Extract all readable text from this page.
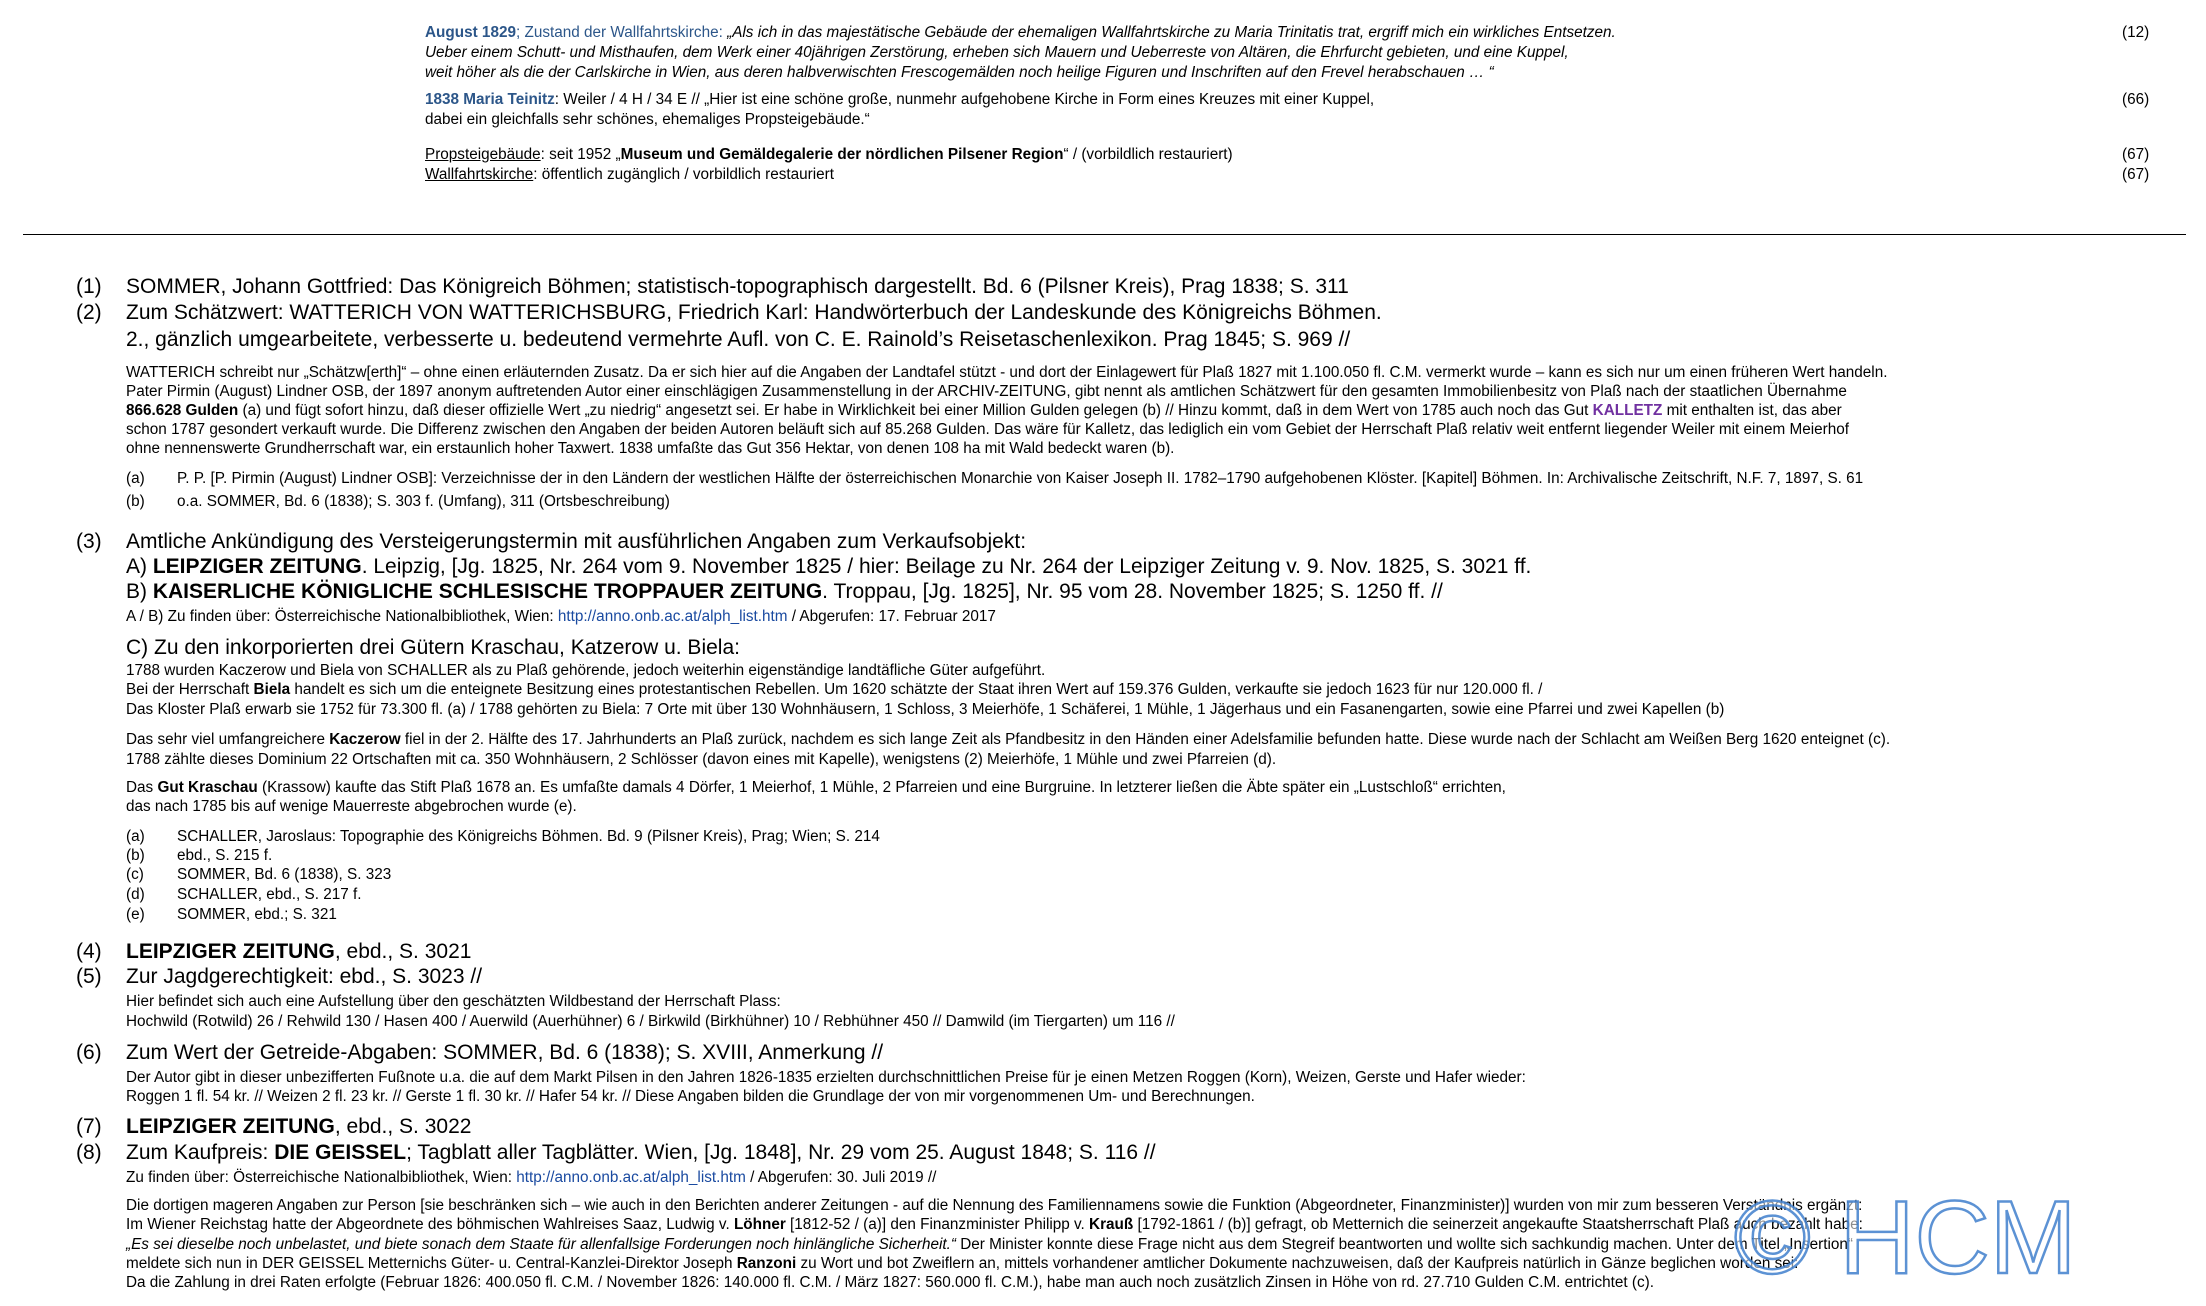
August 1829; Zustand der Wallfahrtskirche: „Als ich in das majestätische Gebäude der ehemaligen Wallfahrtskirche zu Maria Trinitatis trat, ergriff mich ein wirkliches Entsetzen.	(12)
Ueber einem Schutt- und Misthaufen, dem Werk einer 40jährigen Zerstörung, erheben sich Mauern und Ueberreste von Altären, die Ehrfurcht gebieten, und eine Kuppel,
weit höher als die der Carlskirche in Wien, aus deren halbverwischten Frescogemälden noch heilige Figuren und Inschriften auf den Frevel herabschauen … “
1838 Maria Teinitz: Weiler / 4 H / 34 E // „Hier ist eine schöne große, nunmehr aufgehobene Kirche in Form eines Kreuzes mit einer Kuppel,	(66)
dabei ein gleichfalls sehr schönes, ehemaliges Propsteigebäude.“
Propsteigebäude: seit 1952 „Museum und Gemäldegalerie der nördlichen Pilsener Region“ / (vorbildlich restauriert)	(67)
Wallfahrtskirche: öffentlich zugänglich / vorbildlich restauriert	(67)
(1) SOMMER, Johann Gottfried: Das Königreich Böhmen; statistisch-topographisch dargestellt. Bd. 6 (Pilsner Kreis), Prag 1838; S. 311
(2) Zum Schätzwert: WATTERICH VON WATTERICHSBURG, Friedrich Karl: Handwörterbuch der Landeskunde des Königreichs Böhmen.
2., gänzlich umgearbeitete, verbesserte u. bedeutend vermehrte Aufl. von C. E. Rainold’s Reisetaschenlexikon. Prag 1845; S. 969 //
WATTERICH schreibt nur „Schätzw[erth]“ – ohne einen erläuternden Zusatz. Da er sich hier auf die Angaben der Landtafel stützt - und dort der Einlagewert für Plaß 1827 mit 1.100.050 fl. C.M. vermerkt wurde – kann es sich nur um einen früheren Wert handeln.
Pater Pirmin (August) Lindner OSB, der 1897 anonym auftretenden Autor einer einschlägigen Zusammenstellung in der ARCHIV-ZEITUNG, gibt nennt als amtlichen Schätzwert für den gesamten Immobilienbesitz von Plaß nach der staatlichen Übernahme
866.628 Gulden (a) und fügt sofort hinzu, daß dieser offizielle Wert „zu niedrig“ angesetzt sei. Er habe in Wirklichkeit bei einer Million Gulden gelegen (b) // Hinzu kommt, daß in dem Wert von 1785 auch noch das Gut KALLETZ mit enthalten ist, das aber
schon 1787 gesondert verkauft wurde. Die Differenz zwischen den Angaben der beiden Autoren beläuft sich auf 85.268 Gulden. Das wäre für Kalletz, das lediglich ein vom Gebiet der Herrschaft Plaß relativ weit entfernt liegender Weiler mit einem Meierhof
ohne nennenswerte Grundherrschaft war, ein erstaunlich hoher Taxwert. 1838 umfaßte das Gut 356 Hektar, von denen 108 ha mit Wald bedeckt waren (b).
(a) P. P. [P. Pirmin (August) Lindner OSB]: Verzeichnisse der in den Ländern der westlichen Hälfte der österreichischen Monarchie von Kaiser Joseph II. 1782–1790 aufgehobenen Klöster. [Kapitel] Böhmen. In: Archivalische Zeitschrift, N.F. 7, 1897, S. 61
(b) o.a. SOMMER, Bd. 6 (1838); S. 303 f. (Umfang), 311 (Ortsbeschreibung)
(3) Amtliche Ankündigung des Versteigerungstermin mit ausführlichen Angaben zum Verkaufsobjekt:
A) LEIPZIGER ZEITUNG. Leipzig, [Jg. 1825, Nr. 264 vom 9. November 1825 / hier: Beilage zu Nr. 264 der Leipziger Zeitung v. 9. Nov. 1825, S. 3021 ff.
B) KAISERLICHE KÖNIGLICHE SCHLESISCHE TROPPAUER ZEITUNG. Troppau, [Jg. 1825], Nr. 95 vom 28. November 1825; S. 1250 ff. //
A / B) Zu finden über: Österreichische Nationalbibliothek, Wien: http://anno.onb.ac.at/alph_list.htm / Abgerufen: 17. Februar 2017
C) Zu den inkorporierten drei Gütern Kraschau, Katzerow u. Biela:
1788 wurden Kaczerow und Biela von SCHALLER als zu Plaß gehörende, jedoch weiterhin eigenständige landtäfliche Güter aufgeführt.
Bei der Herrschaft Biela handelt es sich um die enteignete Besitzung eines protestantischen Rebellen. Um 1620 schätzte der Staat ihren Wert auf 159.376 Gulden, verkaufte sie jedoch 1623 für nur 120.000 fl. /
Das Kloster Plaß erwarb sie 1752 für 73.300 fl. (a) / 1788 gehörten zu Biela: 7 Orte mit über 130 Wohnhäusern, 1 Schloss, 3 Meierhöfe, 1 Schäferei, 1 Mühle, 1 Jägerhaus und ein Fasanengarten, sowie eine Pfarrei und zwei Kapellen (b)
Das sehr viel umfangreichere Kaczerow fiel in der 2. Hälfte des 17. Jahrhunderts an Plaß zurück, nachdem es sich lange Zeit als Pfandbesitz in den Händen einer Adelsfamilie befunden hatte. Diese wurde nach der Schlacht am Weißen Berg 1620 enteignet (c).
1788 zählte dieses Dominium 22 Ortschaften mit ca. 350 Wohnhäusern, 2 Schlösser (davon eines mit Kapelle), wenigstens (2) Meierhöfe, 1 Mühle und zwei Pfarreien (d).
Das Gut Kraschau (Krassow) kaufte das Stift Plaß 1678 an. Es umfaßte damals 4 Dörfer, 1 Meierhof, 1 Mühle, 2 Pfarreien und eine Burgruine. In letzterer ließen die Äbte später ein „Lustschloß“ errichten,
das nach 1785 bis auf wenige Mauerreste abgebrochen wurde (e).
(a) SCHALLER, Jaroslaus: Topographie des Königreichs Böhmen. Bd. 9 (Pilsner Kreis), Prag; Wien; S. 214
(b) ebd., S. 215 f.
(c) SOMMER, Bd. 6 (1838), S. 323
(d) SCHALLER, ebd., S. 217 f.
(e) SOMMER, ebd.; S. 321
(4) LEIPZIGER ZEITUNG, ebd., S. 3021
(5) Zur Jagdgerechtigkeit: ebd., S. 3023 //
Hier befindet sich auch eine Aufstellung über den geschätzten Wildbestand der Herrschaft Plass:
Hochwild (Rotwild) 26 / Rehwild 130 / Hasen 400 / Auerwild (Auerhühner) 6 / Birkwild (Birkhühner) 10 / Rebhühner 450 // Damwild (im Tiergarten) um 116 //
(6) Zum Wert der Getreide-Abgaben: SOMMER, Bd. 6 (1838); S. XVIII, Anmerkung //
Der Autor gibt in dieser unbezifferten Fußnote u.a. die auf dem Markt Pilsen in den Jahren 1826-1835 erzielten durchschnittlichen Preise für je einen Metzen Roggen (Korn), Weizen, Gerste und Hafer wieder:
Roggen 1 fl. 54 kr. // Weizen 2 fl. 23 kr. // Gerste 1 fl. 30 kr. // Hafer 54 kr. // Diese Angaben bilden die Grundlage der von mir vorgenommenen Um- und Berechnungen.
(7) LEIPZIGER ZEITUNG, ebd., S. 3022
(8) Zum Kaufpreis: DIE GEISSEL; Tagblatt aller Tagblätter. Wien, [Jg. 1848], Nr. 29 vom 25. August 1848; S. 116 //
Zu finden über: Österreichische Nationalbibliothek, Wien: http://anno.onb.ac.at/alph_list.htm / Abgerufen: 30. Juli 2019 //
Die dortigen mageren Angaben zur Person [sie beschränken sich – wie auch in den Berichten anderer Zeitungen - auf die Nennung des Familiennamens sowie die Funktion (Abgeordneter, Finanzminister)] wurden von mir zum besseren Verständnis ergänzt:
Im Wiener Reichstag hatte der Abgeordnete des böhmischen Wahlreises Saaz, Ludwig v. Löhner [1812-52 / (a)] den Finanzminister Philipp v. Krauß [1792-1861 / (b)] gefragt, ob Metternich die seinerzeit angekaufte Staatsherrschaft Plaß auch bezahlt habe:
„Es sei dieselbe noch unbelastet, und biete sonach dem Staate für allenfallsige Forderungen noch hinlängliche Sicherheit.“ Der Minister konnte diese Frage nicht aus dem Stegreif beantworten und wollte sich sachkundig machen. Unter dem Titel „Insertion“
meldete sich nun in DER GEISSEL Metternichs Güter- u. Central-Kanzlei-Direktor Joseph Ranzoni zu Wort und bot Zweiflern an, mittels vorhandener amtlicher Dokumente nachzuweisen, daß der Kaufpreis natürlich in Gänze beglichen worden sei:
Da die Zahlung in drei Raten erfolgte (Februar 1826: 400.050 fl. C.M. / November 1826: 140.000 fl. C.M. / März 1827: 560.000 fl. C.M.), habe man auch noch zusätzlich Zinsen in Höhe von rd. 27.710 Gulden C.M. entrichtet (c). © HCM
